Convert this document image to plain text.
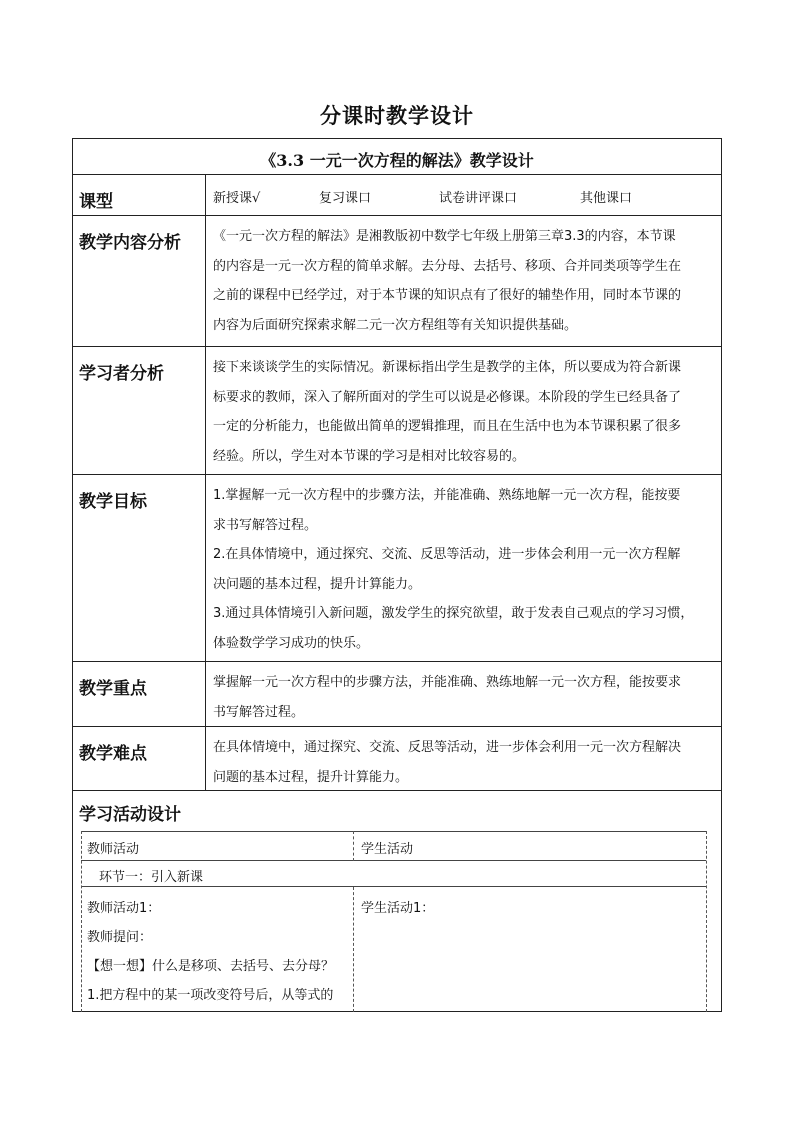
分课时教学设计
《3.3 一元一次方程的解法》教学设计
课型	新授课√	复习课口	试卷讲评课口	其他课口
教学内容分析 《一元一次方程的解法》是湘教版初中数学七年级上册第三章3.3的内容，本节课
的内容是一元一次方程的简单求解。去分母、去括号、移项、合并同类项等学生在
之前的课程中已经学过，对于本节课的知识点有了很好的辅垫作用，同时本节课的
内容为后面研究探索求解二元一次方程组等有关知识提供基础。
学习者分析	接下来谈谈学生的实际情况。新课标指出学生是教学的主体，所以要成为符合新课
标要求的教师，深入了解所面对的学生可以说是必修课。本阶段的学生已经具备了
一定的分析能力，也能做出简单的逻辑推理，而且在生活中也为本节课积累了很多
经验。所以，学生对本节课的学习是相对比较容易的。
教学目标	1.掌握解一元一次方程中的步骤方法，并能准确、熟练地解一元一次方程，能按要
求书写解答过程。
2.在具体情境中，通过探究、交流、反思等活动，进一步体会利用一元一次方程解
决问题的基本过程，提升计算能力。
3.通过具体情境引入新问题，激发学生的探究欲望，敢于发表自己观点的学习习惯，
体验数学学习成功的快乐。
教学重点	掌握解一元一次方程中的步骤方法，并能准确、熟练地解一元一次方程，能按要求
书写解答过程。
教学难点	在具体情境中，通过探究、交流、反思等活动，进一步体会利用一元一次方程解决
问题的基本过程，提升计算能力。
学习活动设计
教师活动	学生活动
环节一：引入新课
教师活动1：
教师提问：
【想一想】什么是移项、去括号、去分母？
1.把方程中的某一项改变符号后，从等式的
学生活动1：
